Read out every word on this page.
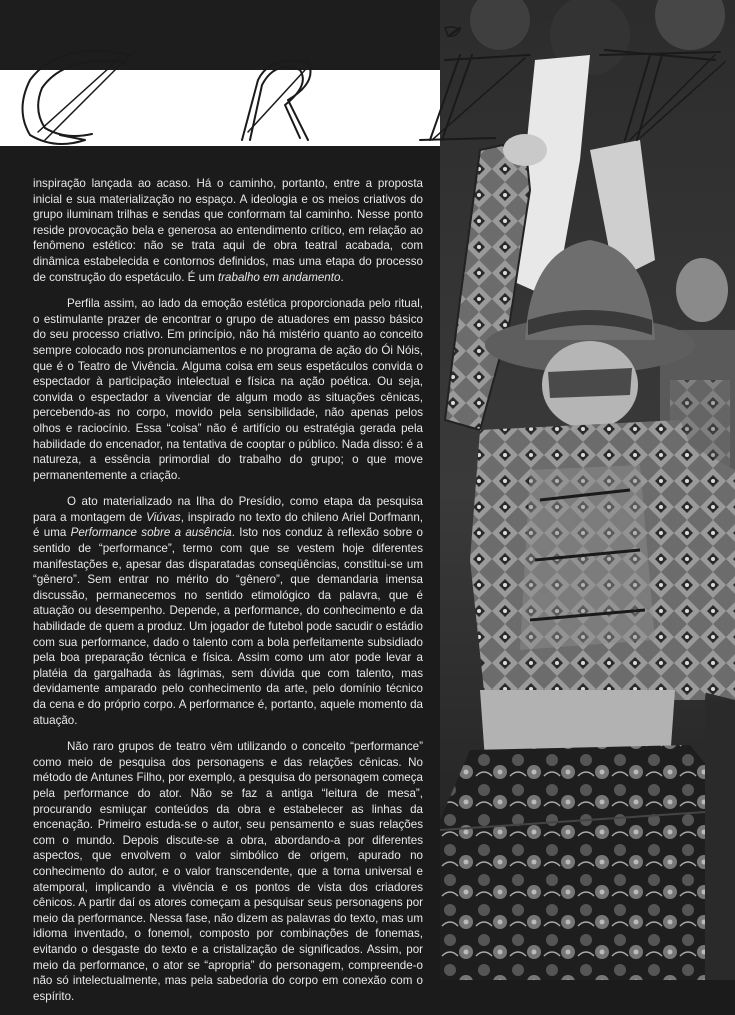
inspiração lançada ao acaso. Há o caminho, portanto, entre a proposta inicial e sua materialização no espaço. A ideologia e os meios criativos do grupo iluminam trilhas e sendas que conformam tal caminho. Nesse ponto reside provocação bela e generosa ao entendimento crítico, em relação ao fenômeno estético: não se trata aqui de obra teatral acabada, com dinâmica estabelecida e contornos definidos, mas uma etapa do processo de construção do espetáculo. É um trabalho em andamento.

Perfila assim, ao lado da emoção estética proporcionada pelo ritual, o estimulante prazer de encontrar o grupo de atuadores em passo básico do seu processo criativo. Em princípio, não há mistério quanto ao conceito sempre colocado nos pronunciamentos e no programa de ação do Ói Nóis, que é o Teatro de Vivência. Alguma coisa em seus espetáculos convida o espectador à participação intelectual e física na ação poética. Ou seja, convida o espectador a vivenciar de algum modo as situações cênicas, percebendo-as no corpo, movido pela sensibilidade, não apenas pelos olhos e raciocínio. Essa “coisa” não é artifício ou estratégia gerada pela habilidade do encenador, na tentativa de cooptar o público. Nada disso: é a natureza, a essência primordial do trabalho do grupo; o que move permanentemente a criação.

O ato materializado na Ilha do Presídio, como etapa da pesquisa para a montagem de Viúvas, inspirado no texto do chileno Ariel Dorfmann, é uma Performance sobre a ausência. Isto nos conduz à reflexão sobre o sentido de “performance”, termo com que se vestem hoje diferentes manifestações e, apesar das disparatadas conseqüências, constitui-se um “gênero”. Sem entrar no mérito do “gênero”, que demandaria imensa discussão, permanecemos no sentido etimológico da palavra, que é atuação ou desempenho. Depende, a performance, do conhecimento e da habilidade de quem a produz. Um jogador de futebol pode sacudir o estádio com sua performance, dado o talento com a bola perfeitamente subsidiado pela boa preparação técnica e física. Assim como um ator pode levar a platéia da gargalhada às lágrimas, sem dúvida que com talento, mas devidamente amparado pelo conhecimento da arte, pelo domínio técnico da cena e do próprio corpo. A performance é, portanto, aquele momento da atuação.

Não raro grupos de teatro vêm utilizando o conceito “performance” como meio de pesquisa dos personagens e das relações cênicas. No método de Antunes Filho, por exemplo, a pesquisa do personagem começa pela performance do ator. Não se faz a antiga “leitura de mesa”, procurando esmiuçar conteúdos da obra e estabelecer as linhas da encenação. Primeiro estuda-se o autor, seu pensamento e suas relações com o mundo. Depois discute-se a obra, abordando-a por diferentes aspectos, que envolvem o valor simbólico de origem, apurado no conhecimento do autor, e o valor transcendente, que a torna universal e atemporal, implicando a vivência e os pontos de vista dos criadores cênicos. A partir daí os atores começam a pesquisar seus personagens por meio da performance. Nessa fase, não dizem as palavras do texto, mas um idioma inventado, o fonemol, composto por combinações de fonemas, evitando o desgaste do texto e a cristalização de significados. Assim, por meio da performance, o ator se “apropria” do personagem, compreende-o não só intelectualmente, mas pela sabedoria do corpo em conexão com o espírito.
